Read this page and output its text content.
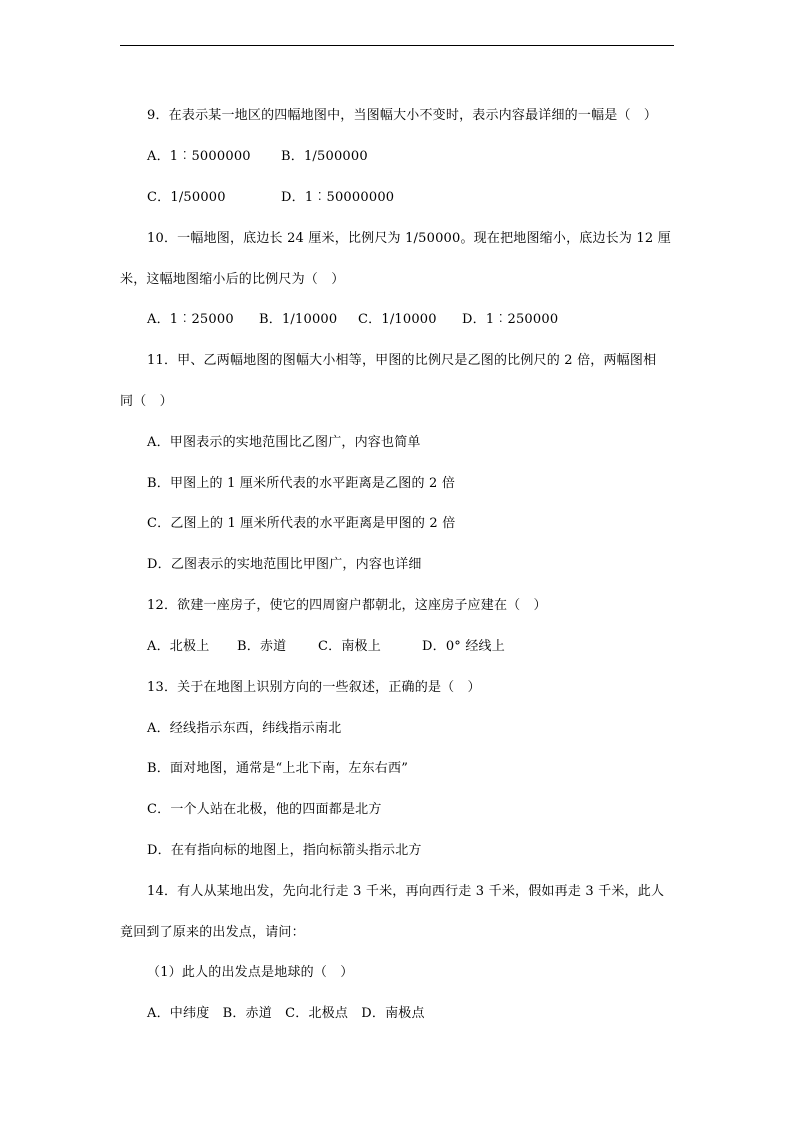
9．在表示某一地区的四幅地图中，当图幅大小不变时，表示内容最详细的一幅是（　）
A．1︰5000000 B．1/500000
C．1/50000	D．1︰50000000
10．一幅地图，底边长 24 厘米，比例尺为 1/50000。现在把地图缩小，底边长为 12 厘
米，这幅地图缩小后的比例尺为（　）
A．1︰25000 B．1/10000 C．1/10000 D．1︰250000
11．甲、乙两幅地图的图幅大小相等，甲图的比例尺是乙图的比例尺的 2 倍，两幅图相
同（　）
A．甲图表示的实地范围比乙图广，内容也简单
B．甲图上的 1 厘米所代表的水平距离是乙图的 2 倍
C．乙图上的 1 厘米所代表的水平距离是甲图的 2 倍
D．乙图表示的实地范围比甲图广，内容也详细
12．欲建一座房子，使它的四周窗户都朝北，这座房子应建在（　）
A．北极上 B．赤道 C．南极上	D．0° 经线上
13．关于在地图上识别方向的一些叙述，正确的是（　）
A．经线指示东西，纬线指示南北
B．面对地图，通常是“上北下南，左东右西”
C．一个人站在北极，他的四面都是北方
D．在有指向标的地图上，指向标箭头指示北方
14．有人从某地出发，先向北行走 3 千米，再向西行走 3 千米，假如再走 3 千米，此人
竟回到了原来的出发点，请问：
（1）此人的出发点是地球的（　）
A．中纬度　B．赤道　C．北极点　D．南极点
